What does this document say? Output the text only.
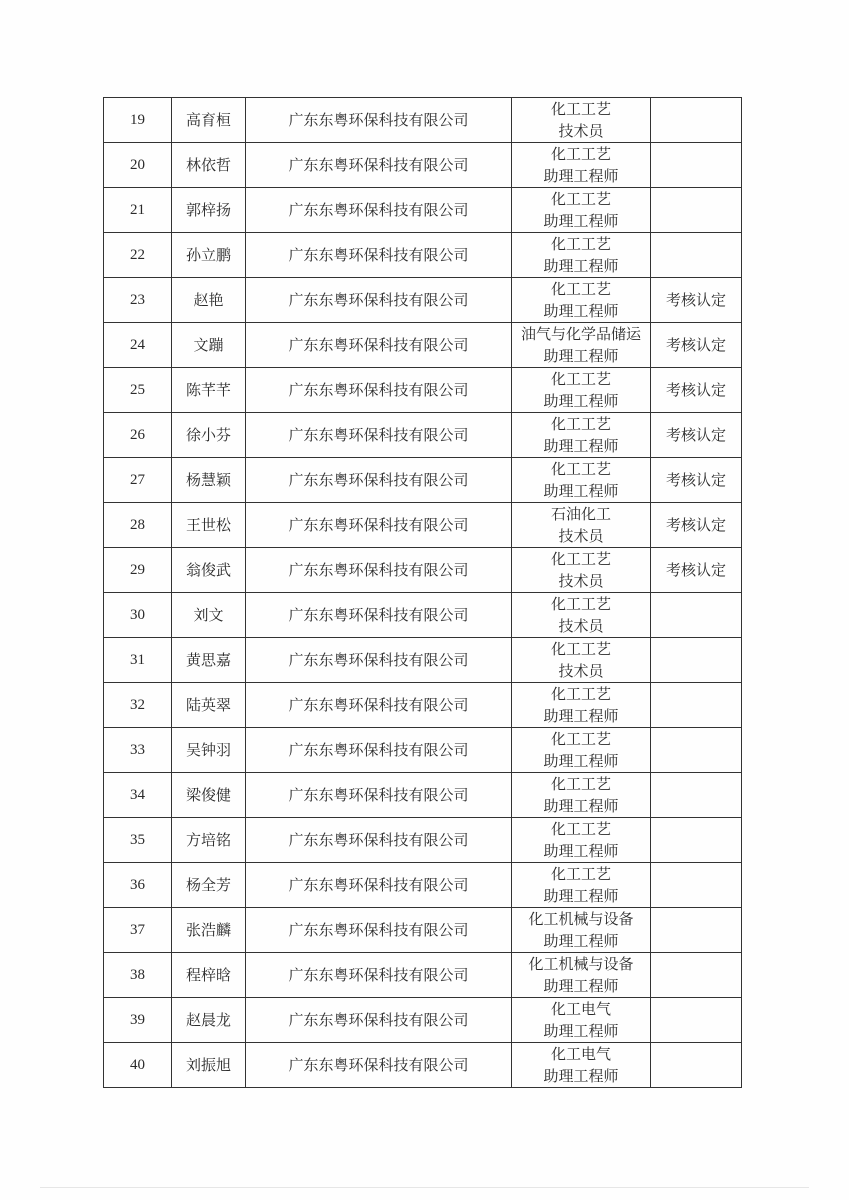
19	高育桓	广东东粤环保科技有限公司	化工工艺
技术员	

20	林依哲	广东东粤环保科技有限公司	化工工艺
助理工程师	

21	郭梓扬	广东东粤环保科技有限公司	化工工艺
助理工程师	

22	孙立鹏	广东东粤环保科技有限公司	化工工艺
助理工程师	

23	赵艳	广东东粤环保科技有限公司	化工工艺
助理工程师	考核认定
24	文蹦	广东东粤环保科技有限公司	油气与化学品储运
助理工程师	考核认定
25	陈芊芊	广东东粤环保科技有限公司	化工工艺
助理工程师	考核认定
26	徐小芬	广东东粤环保科技有限公司	化工工艺
助理工程师	考核认定
27	杨慧颖	广东东粤环保科技有限公司	化工工艺
助理工程师	考核认定
28	王世松	广东东粤环保科技有限公司	石油化工
技术员	考核认定
29	翁俊武	广东东粤环保科技有限公司	化工工艺
技术员	考核认定
30	刘文	广东东粤环保科技有限公司	化工工艺
技术员	

31	黄思嘉	广东东粤环保科技有限公司	化工工艺
技术员	

32	陆英翠	广东东粤环保科技有限公司	化工工艺
助理工程师	

33	吴钟羽	广东东粤环保科技有限公司	化工工艺
助理工程师	

34	梁俊健	广东东粤环保科技有限公司	化工工艺
助理工程师	

35	方培铭	广东东粤环保科技有限公司	化工工艺
助理工程师	

36	杨全芳	广东东粤环保科技有限公司	化工工艺
助理工程师	

37	张浩麟	广东东粤环保科技有限公司	化工机械与设备
助理工程师	

38	程梓晗	广东东粤环保科技有限公司	化工机械与设备
助理工程师	

39	赵晨龙	广东东粤环保科技有限公司	化工电气
助理工程师	

40	刘振旭	广东东粤环保科技有限公司	化工电气
助理工程师	
